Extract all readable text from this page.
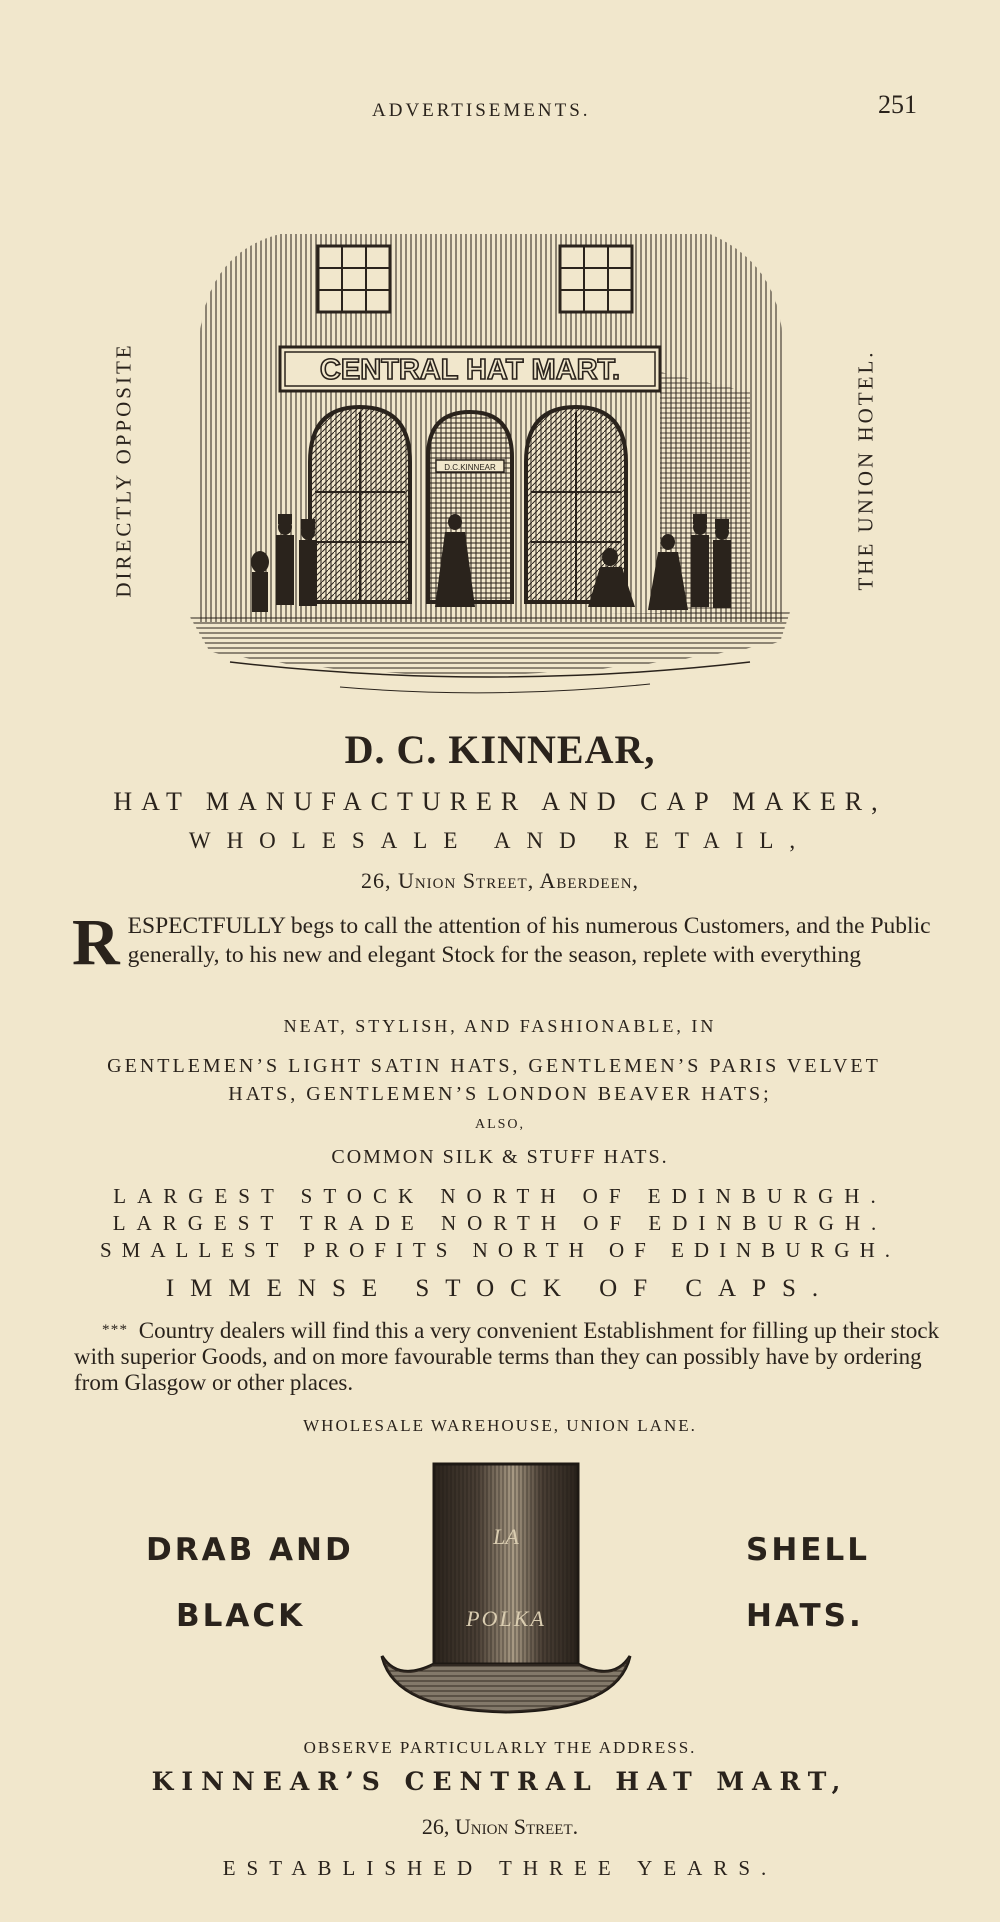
ADVERTISEMENTS.	251
DIRECTLY OPPOSITE	THE UNION HOTEL.
CENTRAL HAT MART.
D.C.KINNEAR
D. C. KINNEAR,
HAT MANUFACTURER AND CAP MAKER,
WHOLESALE AND RETAIL,
26, Union Street, Aberdeen,
R ESPECTFULLY begs to call the attention of his numerous Customers, and the Public generally, to his new and elegant Stock for the season, replete with everything
NEAT, STYLISH, AND FASHIONABLE, IN
GENTLEMEN’S LIGHT SATIN HATS, GENTLEMEN’S PARIS VELVET
HATS, GENTLEMEN’S LONDON BEAVER HATS;
ALSO,
COMMON SILK & STUFF HATS.
LARGEST STOCK NORTH OF EDINBURGH.
LARGEST TRADE NORTH OF EDINBURGH.
SMALLEST PROFITS NORTH OF EDINBURGH.
IMMENSE STOCK OF CAPS.
* * * Country dealers will find this a very convenient Establishment for filling up their stock with superior Goods, and on more favourable terms than they can possibly have by ordering from Glasgow or other places.
WHOLESALE WAREHOUSE, UNION LANE.
DRAB AND
BLACK
SHELL
HATS.
LA
POLKA
OBSERVE PARTICULARLY THE ADDRESS.
KINNEAR’S CENTRAL HAT MART,
26, Union Street.
ESTABLISHED THREE YEARS.
